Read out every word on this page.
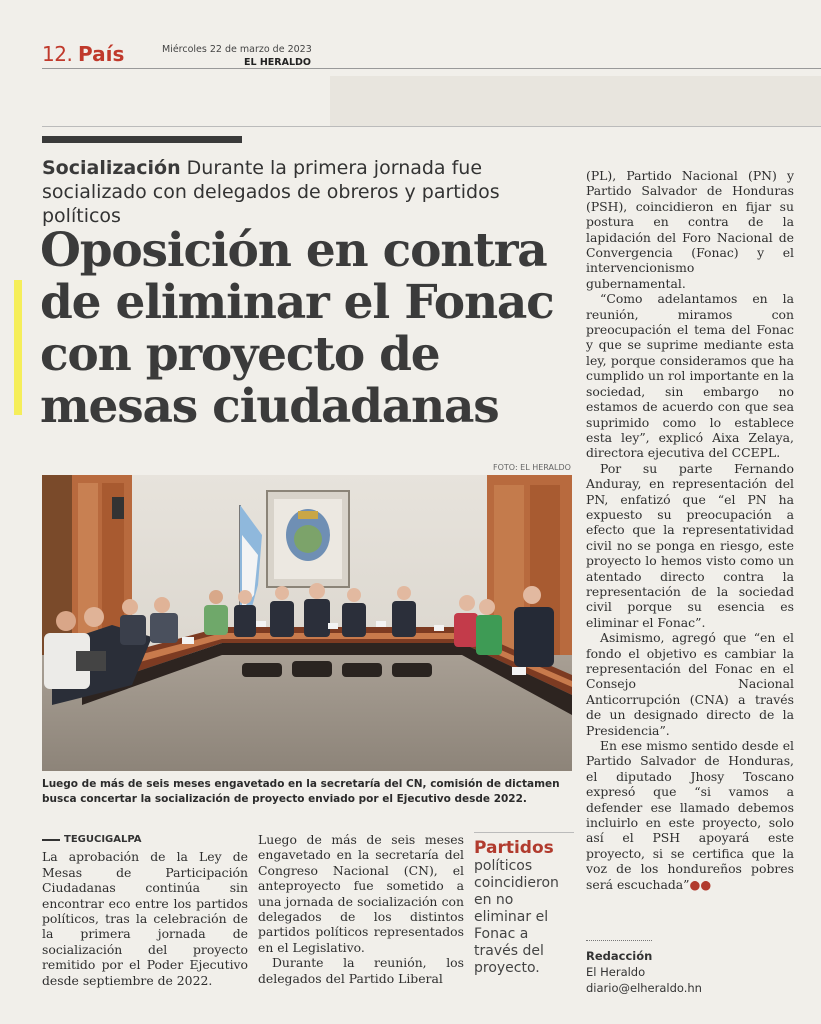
12. País	Miércoles 22 de marzo de 2023
EL HERALDO
Socialización Durante la primera jornada fue socializado con delegados de obreros y partidos políticos
Oposición en contra de eliminar el Fonac con proyecto de mesas ciudadanas
FOTO: EL HERALDO
Luego de más de seis meses engavetado en la secretaría del CN, comisión de dictamen busca concertar la socialización de proyecto enviado por el Ejecutivo desde 2022.
TEGUCIGALPA

La aprobación de la Ley de Mesas de Participación Ciudadanas continúa sin encontrar eco entre los partidos políticos, tras la celebración de la primera jornada de socialización del proyecto remitido por el Poder Ejecutivo desde septiembre de 2022.

Luego de más de seis meses engavetado en la secretaría del Congreso Nacional (CN), el anteproyecto fue sometido a una jornada de socialización con delegados de los distintos partidos políticos representados en el Legislativo.

Durante la reunión, los delegados del Partido Liberal

Partidos
políticos coincidieron en no eliminar el Fonac a través del proyecto.

(PL), Partido Nacional (PN) y Partido Salvador de Honduras (PSH), coincidieron en fijar su postura en contra de la lapidación del Foro Nacional de Convergencia (Fonac) y el intervencionismo gubernamental.

“Como adelantamos en la reunión, miramos con preocupación el tema del Fonac y que se suprime mediante esta ley, porque consideramos que ha cumplido un rol importante en la sociedad, sin embargo no estamos de acuerdo con que sea suprimido como lo establece esta ley”, explicó Aixa Zelaya, directora ejecutiva del CCEPL.

Por su parte Fernando Anduray, en representación del PN, enfatizó que “el PN ha expuesto su preocupación a efecto que la representatividad civil no se ponga en riesgo, este proyecto lo hemos visto como un atentado directo contra la representación de la sociedad civil porque su esencia es eliminar el Fonac”.

Asimismo, agregó que “en el fondo el objetivo es cambiar la representación del Fonac en el Consejo Nacional Anticorrupción (CNA) a través de un designado directo de la Presidencia”.

En ese mismo sentido desde el Partido Salvador de Honduras, el diputado Jhosy Toscano expresó que “si vamos a defender ese llamado debemos incluirlo en este proyecto, solo así el PSH apoyará este proyecto, si se certifica que la voz de los hondureños pobres será escuchada”●●

Redacción
El Heraldo
diario@elheraldo.hn
